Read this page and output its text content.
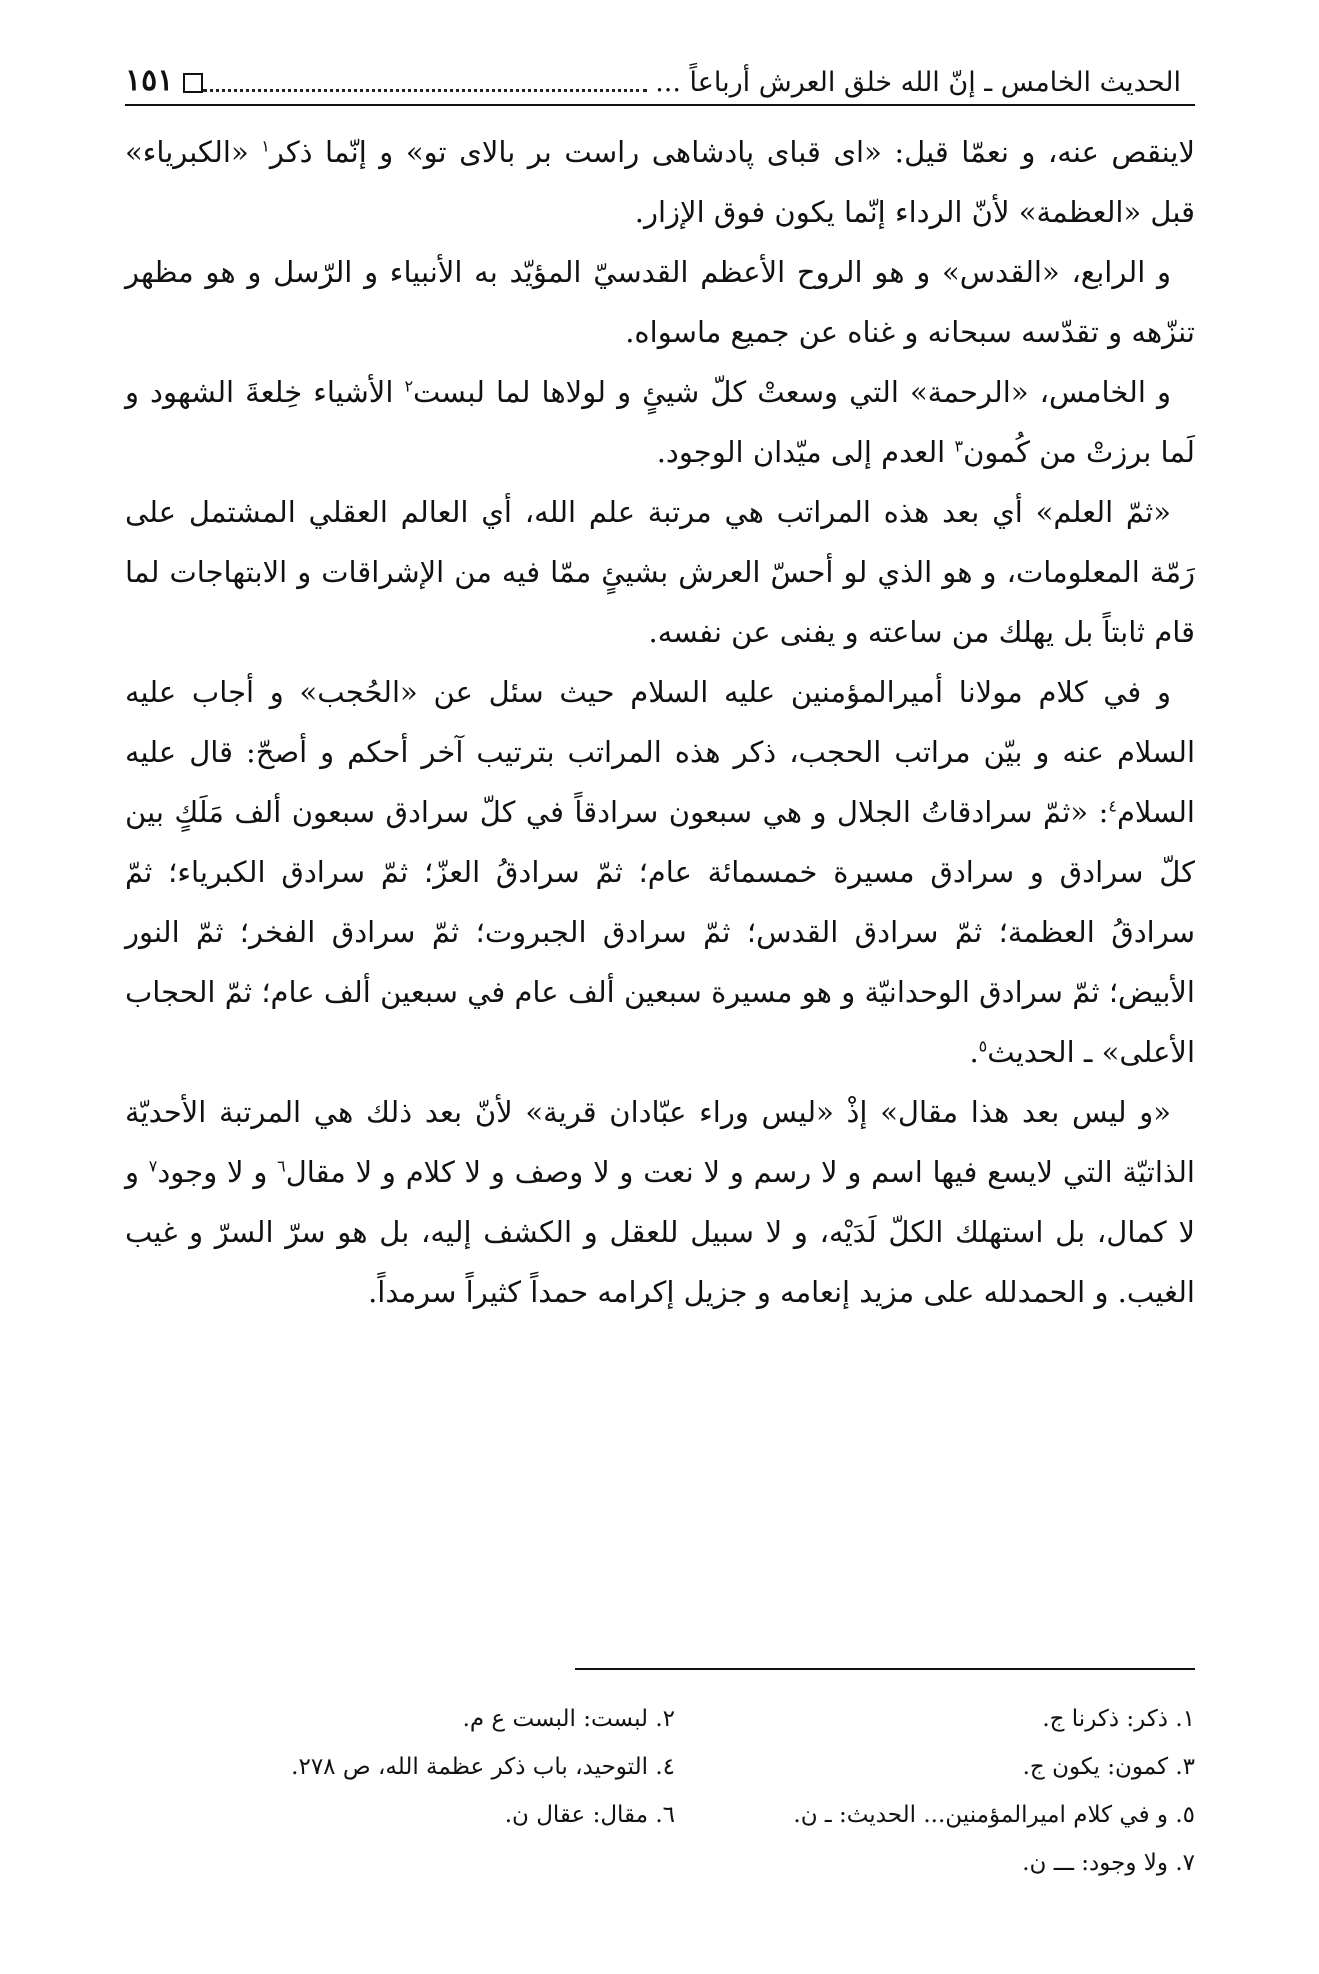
الحديث الخامس ـ إنّ الله خلق العرش أرباعاً ...
١٥١

لاينقص عنه، و نعمّا قيل: «اى قباى پادشاهى راست بر بالاى تو» و إنّما ذكر$^١$ «الكبرياء» قبل «العظمة» لأنّ الرداء إنّما يكون فوق الإزار.

و الرابع، «القدس» و هو الروح الأعظم القدسيّ المؤيّد به الأنبياء و الرّسل و هو مظهر تنزّهه و تقدّسه سبحانه و غناه عن جميع ماسواه.

و الخامس، «الرحمة» التي وسعتْ كلّ شيئٍ و لولاها لما لبست$^٢$ الأشياء خِلعةَ الشهود و لَما برزتْ من كُمون$^٣$ العدم إلى ميّدان الوجود.

«ثمّ العلم» أي بعد هذه المراتب هي مرتبة علم الله، أي العالم العقلي المشتمل على رَمّة المعلومات، و هو الذي لو أحسّ العرش بشيئٍ ممّا فيه من الإشراقات و الابتهاجات لما قام ثابتاً بل يهلك من ساعته و يفنى عن نفسه.

و في كلام مولانا أميرالمؤمنين عليه السلام حيث سئل عن «الحُجب» و أجاب عليه السلام عنه و بيّن مراتب الحجب، ذكر هذه المراتب بترتيب آخر أحكم و أصحّ: قال عليه السلام$^٤$: «ثمّ سرادقاتُ الجلال و هي سبعون سرادقاً في كلّ سرادق سبعون ألف مَلَكٍ بين كلّ سرادق و سرادق مسيرة خمسمائة عام؛ ثمّ سرادقُ العزّ؛ ثمّ سرادق الكبرياء؛ ثمّ سرادقُ العظمة؛ ثمّ سرادق القدس؛ ثمّ سرادق الجبروت؛ ثمّ سرادق الفخر؛ ثمّ النور الأبيض؛ ثمّ سرادق الوحدانيّة و هو مسيرة سبعين ألف عام في سبعين ألف عام؛ ثمّ الحجاب الأعلى» ـ الحديث$^٥$.

«و ليس بعد هذا مقال» إذْ «ليس وراء عبّادان قرية» لأنّ بعد ذلك هي المرتبة الأحديّة الذاتيّة التي لايسع فيها اسم و لا رسم و لا نعت و لا وصف و لا كلام و لا مقال$^٦$ و لا وجود$^٧$ و لا كمال، بل استهلك الكلّ لَدَيْه، و لا سبيل للعقل و الكشف إليه، بل هو سرّ السرّ و غيب الغيب. و الحمدلله على مزيد إنعامه و جزيل إكرامه حمداً كثيراً سرمداً.

١. ذكر: ذكرنا ج.
٢. لبست: البست ع م.
٣. كمون: يكون ج.
٤. التوحيد، باب ذكر عظمة الله، ص ٢٧٨.
٥. و في كلام اميرالمؤمنين... الحديث: ـ ن.
٦. مقال: عقال ن.
٧. ولا وجود: ـــ ن.
